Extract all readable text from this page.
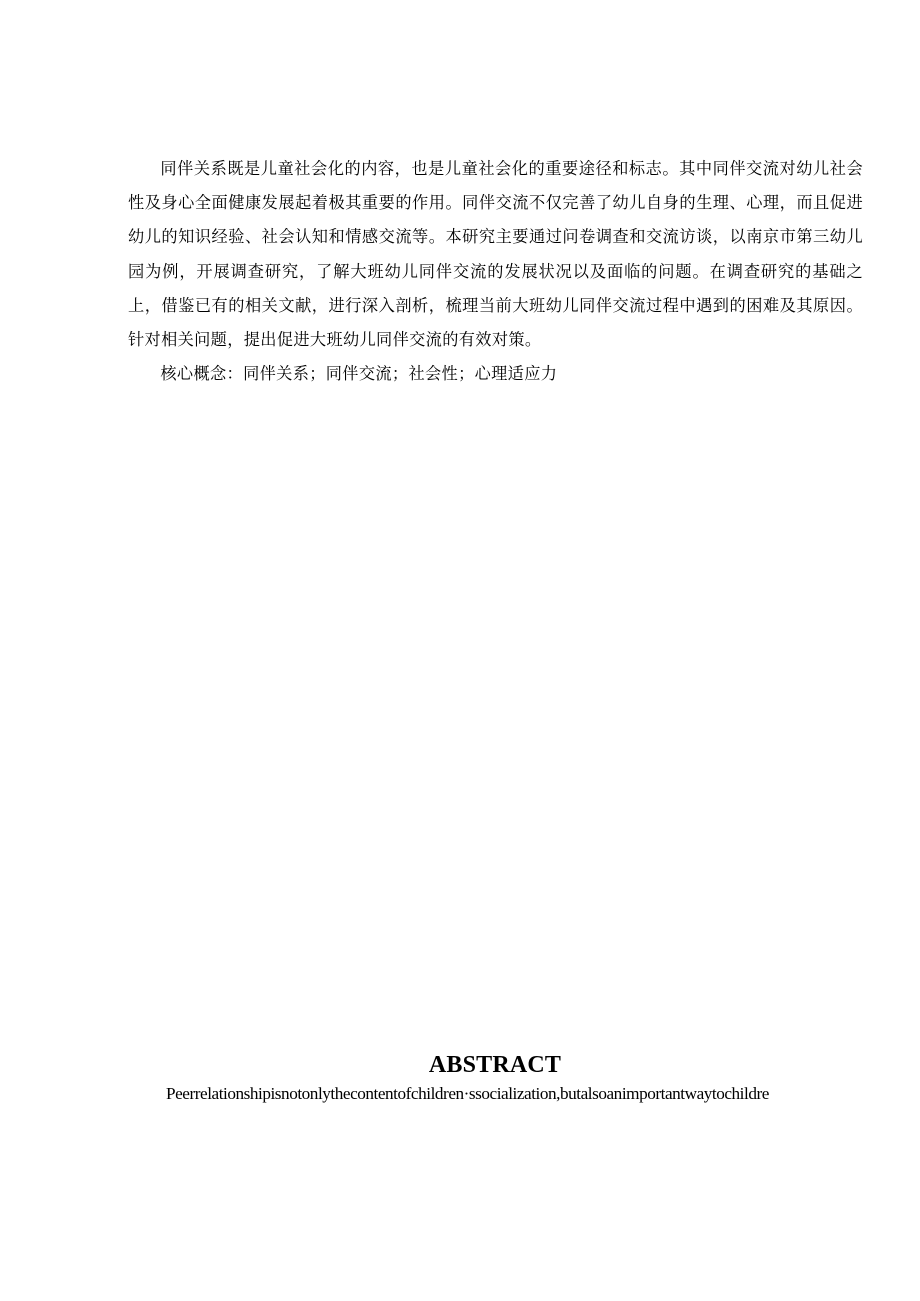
同伴关系既是儿童社会化的内容，也是儿童社会化的重要途径和标志。其中同伴交流对幼儿社会性及身心全面健康发展起着极其重要的作用。同伴交流不仅完善了幼儿自身的生理、心理，而且促进幼儿的知识经验、社会认知和情感交流等。本研究主要通过问卷调查和交流访谈，以南京市第三幼儿园为例，开展调查研究，了解大班幼儿同伴交流的发展状况以及面临的问题。在调查研究的基础之上，借鉴已有的相关文献，进行深入剖析，梳理当前大班幼儿同伴交流过程中遇到的困难及其原因。针对相关问题，提出促进大班幼儿同伴交流的有效对策。

核心概念：同伴关系；同伴交流；社会性；心理适应力
ABSTRACT
Peerrelationshipisnotonlythecontentofchildren·ssocialization,butalsoanimportantwaytochildre
